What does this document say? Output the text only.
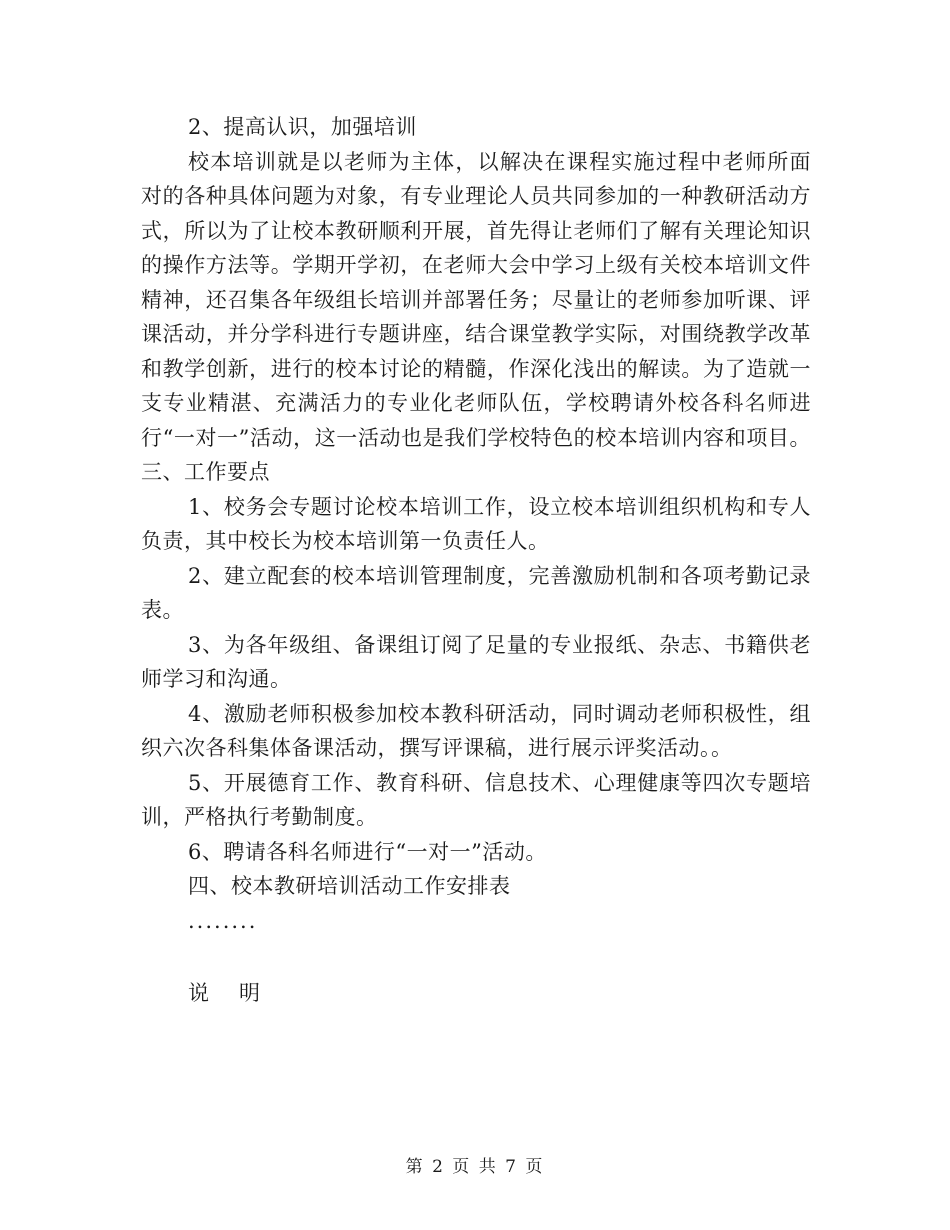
2、提高认识，加强培训

校本培训就是以老师为主体，以解决在课程实施过程中老师所面对的各种具体问题为对象，有专业理论人员共同参加的一种教研活动方式，所以为了让校本教研顺利开展，首先得让老师们了解有关理论知识的操作方法等。学期开学初，在老师大会中学习上级有关校本培训文件精神，还召集各年级组长培训并部署任务；尽量让的老师参加听课、评课活动，并分学科进行专题讲座，结合课堂教学实际，对围绕教学改革和教学创新，进行的校本讨论的精髓，作深化浅出的解读。为了造就一支专业精湛、充满活力的专业化老师队伍，学校聘请外校各科名师进行“一对一”活动，这一活动也是我们学校特色的校本培训内容和项目。三、工作要点

1、校务会专题讨论校本培训工作，设立校本培训组织机构和专人负责，其中校长为校本培训第一负责任人。

2、建立配套的校本培训管理制度，完善激励机制和各项考勤记录表。

3、为各年级组、备课组订阅了足量的专业报纸、杂志、书籍供老师学习和沟通。

4、激励老师积极参加校本教科研活动，同时调动老师积极性，组织六次各科集体备课活动，撰写评课稿，进行展示评奖活动。。

5、开展德育工作、教育科研、信息技术、心理健康等四次专题培训，严格执行考勤制度。

6、聘请各科名师进行“一对一”活动。

四、校本教研培训活动工作安排表

........

说 明

第 2 页 共 7 页
